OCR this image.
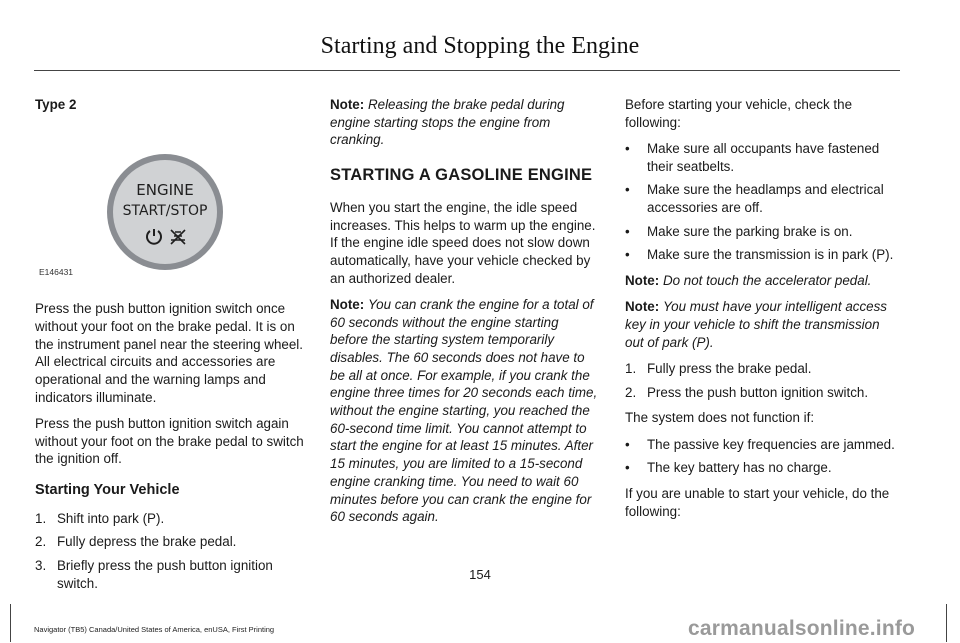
Starting and Stopping the Engine

Type 2

ENGINE
START/STOP
E146431

Press the push button ignition switch once without your foot on the brake pedal. It is on the instrument panel near the steering wheel. All electrical circuits and accessories are operational and the warning lamps and indicators illuminate.

Press the push button ignition switch again without your foot on the brake pedal to switch the ignition off.

Starting Your Vehicle
1. Shift into park (P).
2. Fully depress the brake pedal.
3. Briefly press the push button ignition switch.

Note: Releasing the brake pedal during engine starting stops the engine from cranking.

STARTING A GASOLINE ENGINE

When you start the engine, the idle speed increases. This helps to warm up the engine. If the engine idle speed does not slow down automatically, have your vehicle checked by an authorized dealer.

Note: You can crank the engine for a total of 60 seconds without the engine starting before the starting system temporarily disables. The 60 seconds does not have to be all at once. For example, if you crank the engine three times for 20 seconds each time, without the engine starting, you reached the 60-second time limit. You cannot attempt to start the engine for at least 15 minutes. After 15 minutes, you are limited to a 15-second engine cranking time. You need to wait 60 minutes before you can crank the engine for 60 seconds again.

Before starting your vehicle, check the following:

• Make sure all occupants have fastened their seatbelts.
• Make sure the headlamps and electrical accessories are off.
• Make sure the parking brake is on.
• Make sure the transmission is in park (P).

Note: Do not touch the accelerator pedal.

Note: You must have your intelligent access key in your vehicle to shift the transmission out of park (P).

1. Fully press the brake pedal.
2. Press the push button ignition switch.

The system does not function if:

• The passive key frequencies are jammed.
• The key battery has no charge.

If you are unable to start your vehicle, do the following:

154
Navigator (TB5) Canada/United States of America, enUSA, First Printing	carmanualsonline.info
